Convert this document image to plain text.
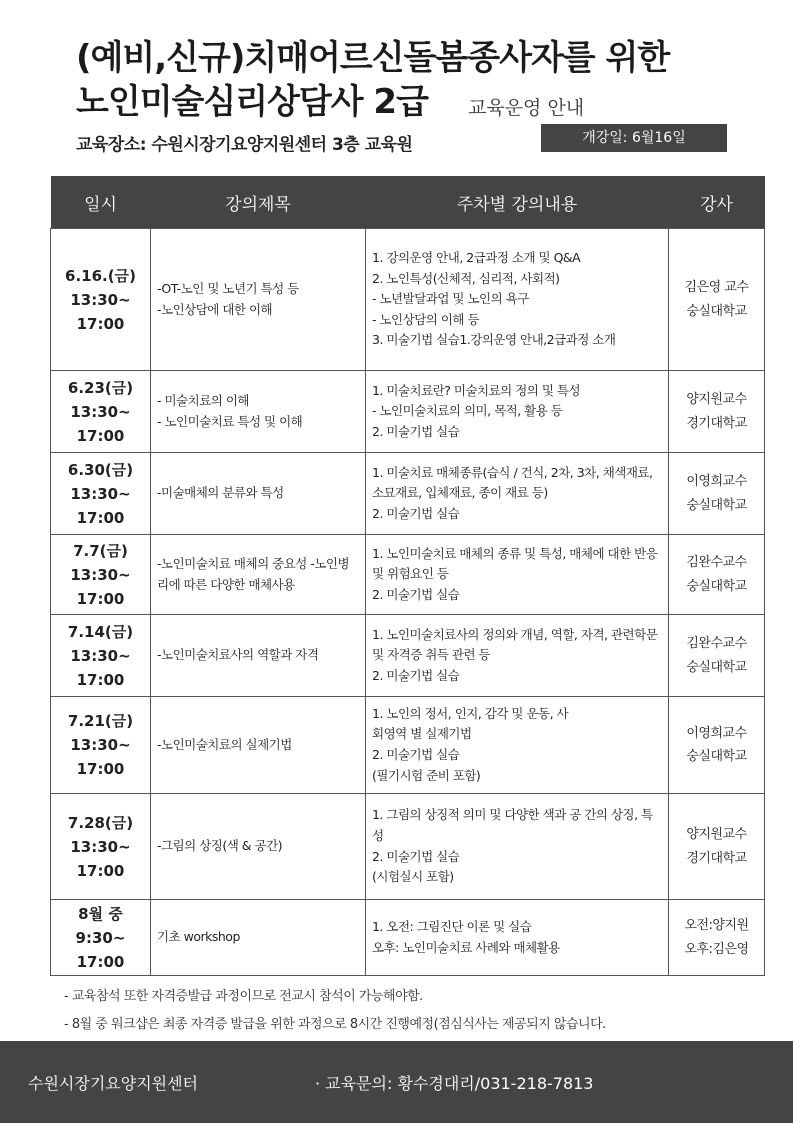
(예비,신규)치매어르신돌봄종사자를 위한
노인미술심리상담사 2급 교육운영 안내
교육장소: 수원시장기요양지원센터 3층 교육원	개강일: 6월16일
일시	강의제목	주차별 강의내용	강사

6.16.(금)
13:30~
17:00	-OT-노인 및 노년기 특성 등
-노인상담에 대한 이해	1. 강의운영 안내, 2급과정 소개 및 Q&A
2. 노인특성(신체적, 심리적, 사회적)
- 노년발달과업 및 노인의 욕구
- 노인상담의 이해 등
3. 미술기법 실습1.강의운영 안내,2급과정 소개	김은영 교수
숭실대학교

6.23(금)
13:30~
17:00	- 미술치료의 이해
- 노인미술치료 특성 및 이해	1. 미술치료란? 미술치료의 정의 및 특성
- 노인미술치료의 의미, 목적, 활용 등
2. 미술기법 실습	양지원교수
경기대학교

6.30(금)
13:30~
17:00	-미술매체의 분류와 특성	1. 미술치료 매체종류(습식 / 건식, 2차, 3차, 채색재료, 소묘재료, 입체재료, 종이 재료 등)
2. 미술기법 실습	이영희교수
숭실대학교

7.7(금)
13:30~
17:00	-노인미술치료 매체의 중요성 -노인병리에 따른 다양한 매체사용	1. 노인미술치료 매체의 종류 및 특성, 매체에 대한 반응 및 위험요인 등
2. 미술기법 실습	김완수교수
숭실대학교

7.14(금)
13:30~
17:00	-노인미술치료사의 역할과 자격	1. 노인미술치료사의 정의와 개념, 역할, 자격, 관련학문 및 자격증 취득 관련 등
2. 미술기법 실습	김완수교수
숭실대학교

7.21(금)
13:30~
17:00	-노인미술치료의 실제기법	1. 노인의 정서, 인지, 감각 및 운동, 사
회영역 별 실제기법
2. 미술기법 실습
(필기시험 준비 포함)	이영희교수
숭실대학교

7.28(금)
13:30~
17:00	-그림의 상징(색 & 공간)	1. 그림의 상징적 의미 및 다양한 색과 공 간의 상징, 특성
2. 미술기법 실습
(시험실시 포함)	양지원교수
경기대학교

8월 중
9:30~
17:00	기초 workshop	1. 오전: 그림진단 이론 및 실습
오후: 노인미술치료 사례와 매체활용	오전:양지원
오후:김은영
- 교육참석 또한 자격증발급 과정이므로 전교시 참석이 가능해야함.
- 8월 중 워크샵은 최종 자격증 발급을 위한 과정으로 8시간 진행예정(점심식사는 제공되지 않습니다.
수원시장기요양지원센터	· 교육문의: 황수경대리/031-218-7813
